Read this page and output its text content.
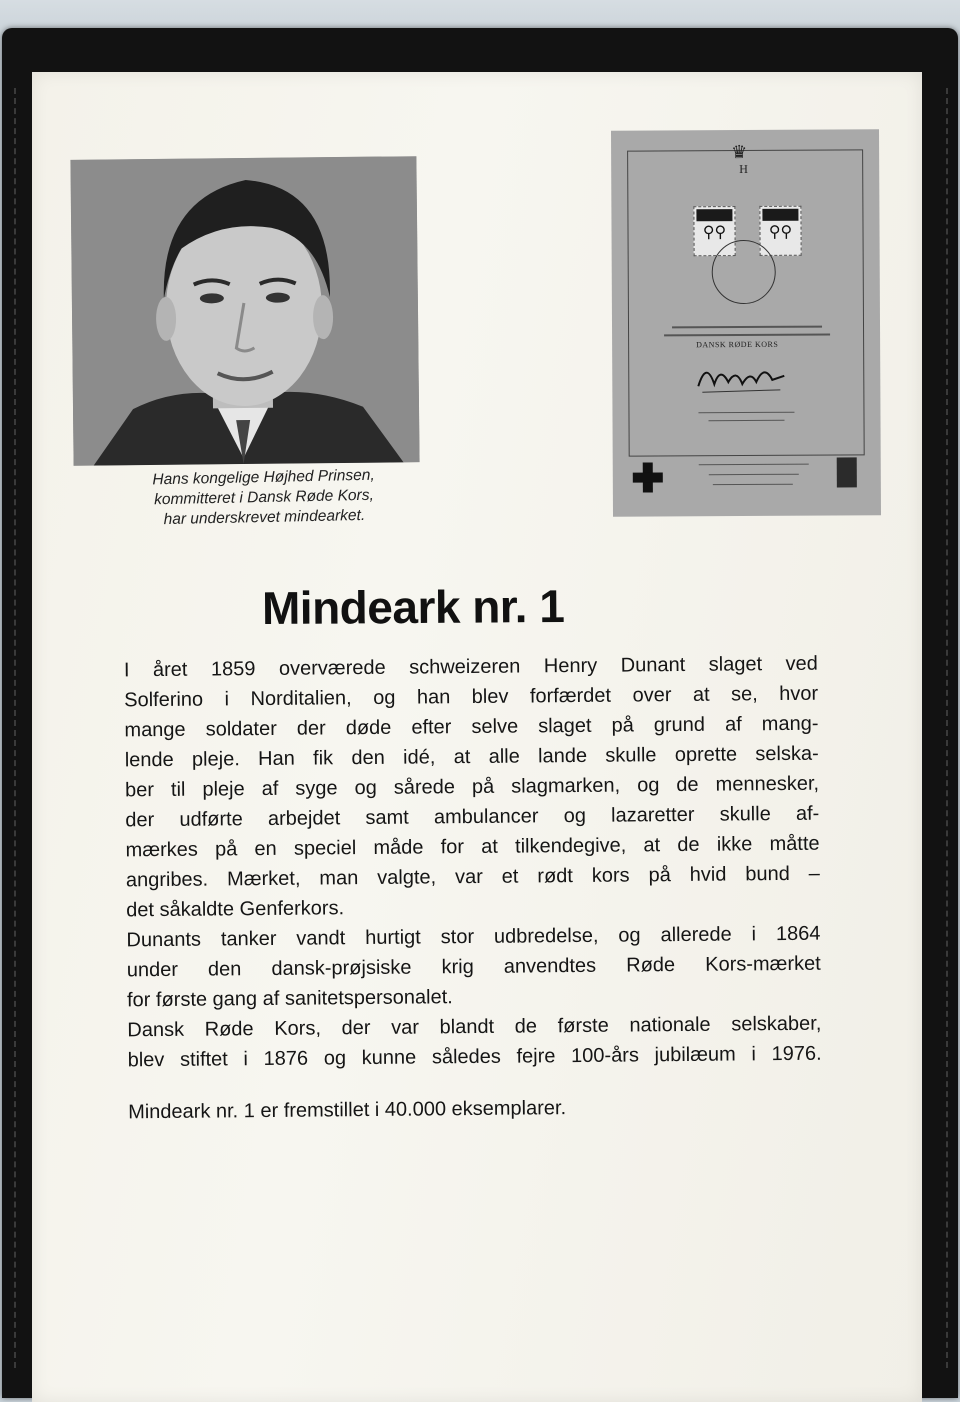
Hans kongelige Højhed Prinsen,
kommitteret i Dansk Røde Kors,
har underskrevet mindearket.
♛
H
⚲⚲	⚲⚲
DANSK RØDE KORS
Mindeark nr. 1
I året 1859 overværede schweizeren Henry Dunant slaget ved
Solferino i Norditalien, og han blev forfærdet over at se, hvor
mange soldater der døde efter selve slaget på grund af mang-
lende pleje. Han fik den idé, at alle lande skulle oprette selska-
ber til pleje af syge og sårede på slagmarken, og de mennesker,
der udførte arbejdet samt ambulancer og lazaretter skulle af-
mærkes på en speciel måde for at tilkendegive, at de ikke måtte
angribes. Mærket, man valgte, var et rødt kors på hvid bund –
det såkaldte Genferkors.
Dunants tanker vandt hurtigt stor udbredelse, og allerede i 1864
under den dansk-prøjsiske krig anvendtes Røde Kors-mærket
for første gang af sanitetspersonalet.
Dansk Røde Kors, der var blandt de første nationale selskaber,
blev stiftet i 1876 og kunne således fejre 100-års jubilæum i 1976.
Mindeark nr. 1 er fremstillet i 40.000 eksemplarer.
